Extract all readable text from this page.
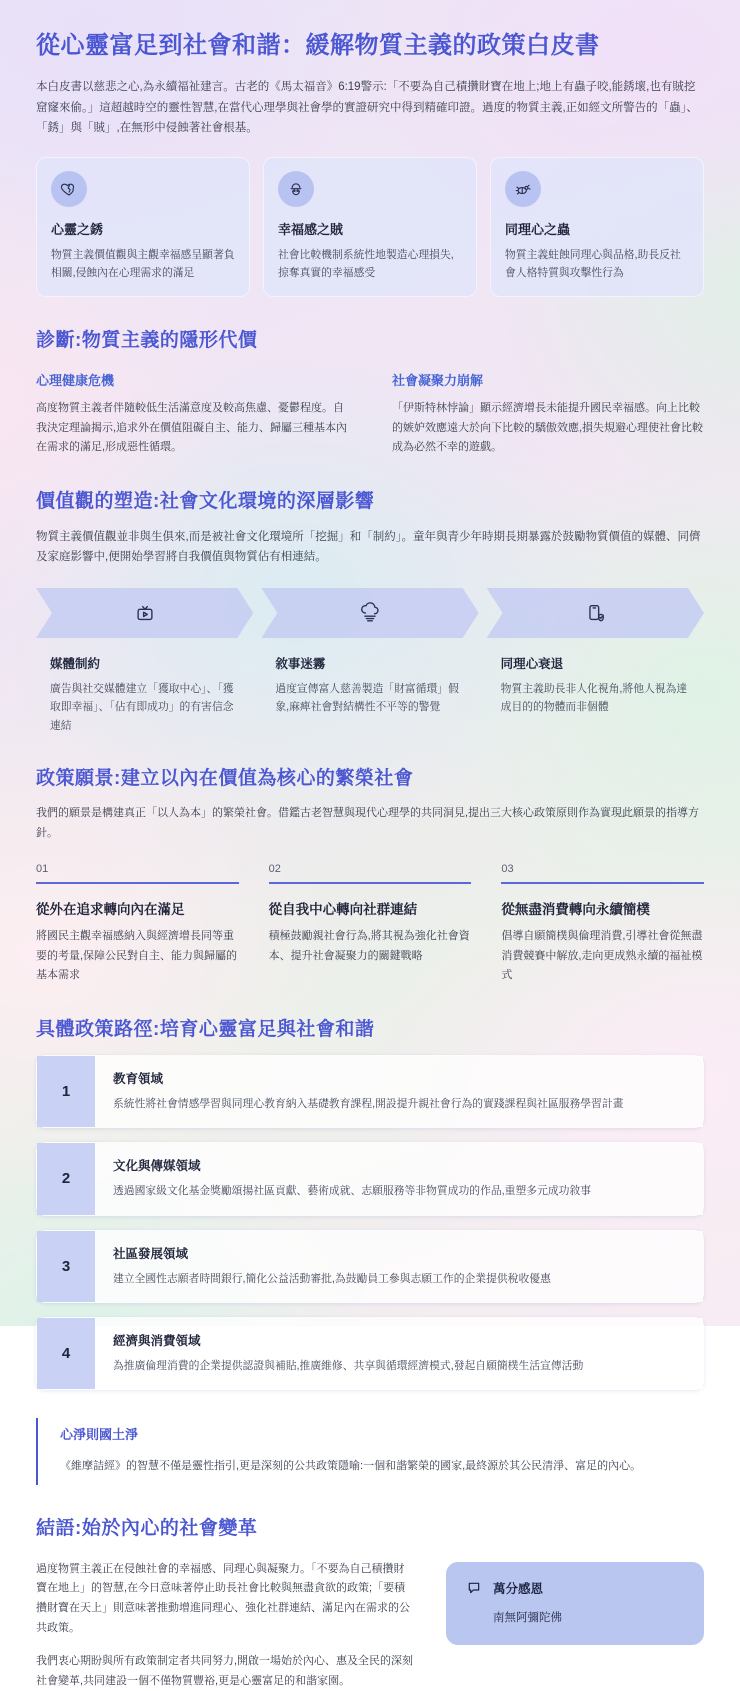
從心靈富足到社會和諧：緩解物質主義的政策白皮書

本白皮書以慈悲之心,為永續福祉建言。古老的《馬太福音》6:19警示:「不要為自己積攢財寶在地上;地上有蟲子咬,能銹壞,也有賊挖窟窿來偷。」這超越時空的靈性智慧,在當代心理學與社會學的實證研究中得到精確印證。過度的物質主義,正如經文所警告的「蟲」、「銹」與「賊」,在無形中侵蝕著社會根基。

心靈之銹
物質主義價值觀與主觀幸福感呈顯著負相關,侵蝕內在心理需求的滿足
幸福感之賊
社會比較機制系統性地製造心理損失,掠奪真實的幸福感受
同理心之蟲
物質主義蛀蝕同理心與品格,助長反社會人格特質與攻擊性行為
診斷:物質主義的隱形代價
心理健康危機
高度物質主義者伴隨較低生活滿意度及較高焦慮、憂鬱程度。自我決定理論揭示,追求外在價值阻礙自主、能力、歸屬三種基本內在需求的滿足,形成惡性循環。
社會凝聚力崩解
「伊斯特林悖論」顯示經濟增長未能提升國民幸福感。向上比較的嫉妒效應遠大於向下比較的驕傲效應,損失規避心理使社會比較成為必然不幸的遊戲。
價值觀的塑造:社會文化環境的深層影響

物質主義價值觀並非與生俱來,而是被社會文化環境所「挖掘」和「制約」。童年與青少年時期長期暴露於鼓勵物質價值的媒體、同儕及家庭影響中,便開始學習將自我價值與物質佔有相連結。

媒體制約
廣告與社交媒體建立「獲取中心」、「獲取即幸福」、「佔有即成功」的有害信念連結
敘事迷霧
過度宣傳富人慈善製造「財富循環」假象,麻痺社會對結構性不平等的警覺
同理心衰退
物質主義助長非人化視角,將他人視為達成目的的物體而非個體
政策願景:建立以內在價值為核心的繁榮社會

我們的願景是構建真正「以人為本」的繁榮社會。借鑑古老智慧與現代心理學的共同洞見,提出三大核心政策原則作為實現此願景的指導方針。

01
從外在追求轉向內在滿足
將國民主觀幸福感納入與經濟增長同等重要的考量,保障公民對自主、能力與歸屬的基本需求
02
從自我中心轉向社群連結
積極鼓勵親社會行為,將其視為強化社會資本、提升社會凝聚力的關鍵戰略
03
從無盡消費轉向永續簡樸
倡導自願簡樸與倫理消費,引導社會從無盡消費競賽中解放,走向更成熟永續的福祉模式
具體政策路徑:培育心靈富足與社會和諧
1
教育領域
系統性將社會情感學習與同理心教育納入基礎教育課程,開設提升親社會行為的實踐課程與社區服務學習計畫
2
文化與傳媒領域
透過國家級文化基金獎勵頌揚社區貢獻、藝術成就、志願服務等非物質成功的作品,重塑多元成功敘事
3
社區發展領域
建立全國性志願者時間銀行,簡化公益活動審批,為鼓勵員工參與志願工作的企業提供稅收優惠
4
經濟與消費領域
為推廣倫理消費的企業提供認證與補貼,推廣維修、共享與循環經濟模式,發起自願簡樸生活宣傳活動
心淨則國土淨
《維摩詰經》的智慧不僅是靈性指引,更是深刻的公共政策隱喻:一個和諧繁榮的國家,最終源於其公民清淨、富足的內心。
結語:始於內心的社會變革

過度物質主義正在侵蝕社會的幸福感、同理心與凝聚力。「不要為自己積攢財寶在地上」的智慧,在今日意味著停止助長社會比較與無盡貪欲的政策;「要積攢財寶在天上」則意味著推動增進同理心、強化社群連結、滿足內在需求的公共政策。

我們衷心期盼與所有政策制定者共同努力,開啟一場始於內心、惠及全民的深刻社會變革,共同建設一個不僅物質豐裕,更是心靈富足的和諧家園。

萬分感恩
南無阿彌陀佛
